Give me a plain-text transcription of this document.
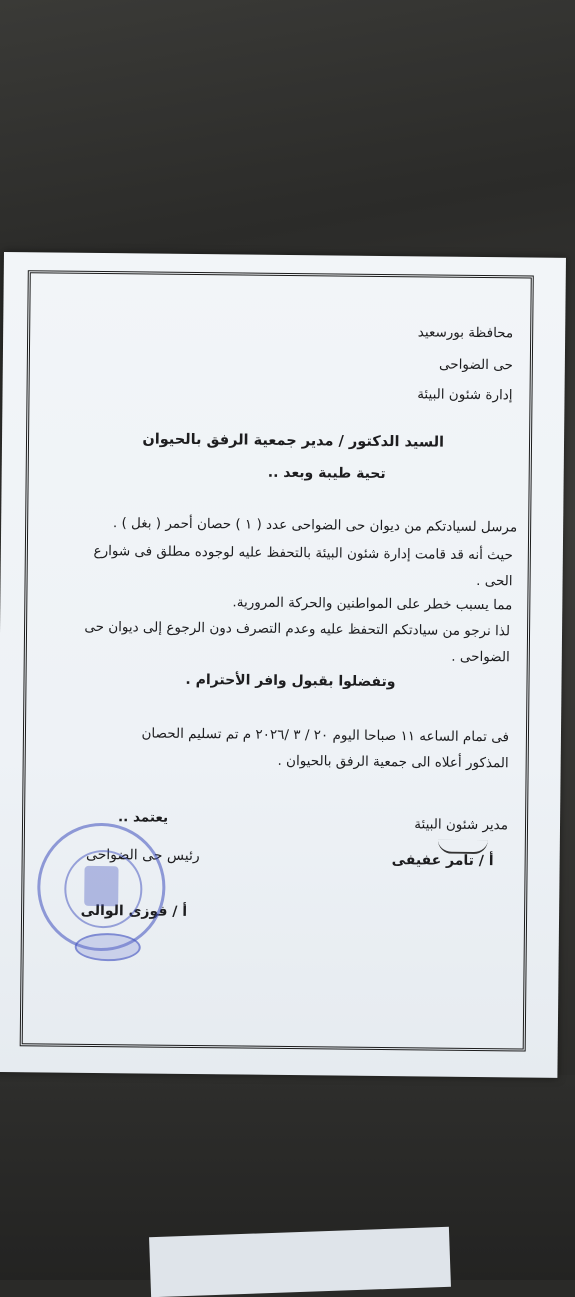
محافظة بورسعيد
حى الضواحى
إدارة شئون البيئة
السيد الدكتور / مدير جمعية الرفق بالحيوان
تحية طيبة وبعد ..
مرسل لسيادتكم من ديوان حى الضواحى عدد ( ١ ) حصان أحمر ( بغل ) .
حيث أنه قد قامت إدارة شئون البيئة بالتحفظ عليه لوجوده مطلق فى شوارع
الحى .
مما يسبب خطر على المواطنين والحركة المرورية.
لذا نرجو من سيادتكم التحفظ عليه وعدم التصرف دون الرجوع إلى ديوان حى
الضواحى .
وتفضلوا بقبول وافر الأحترام .
فى تمام الساعه ١١ صباحا اليوم ٢٠ / ٣ /٢٠٢٦ م تم تسليم الحصان
المذكور أعلاه الى جمعية الرفق بالحيوان .
مدير شئون البيئة
أ / تامر عفيفى
يعتمد ..
رئيس حى الضواحى
أ / فوزى الوالى
